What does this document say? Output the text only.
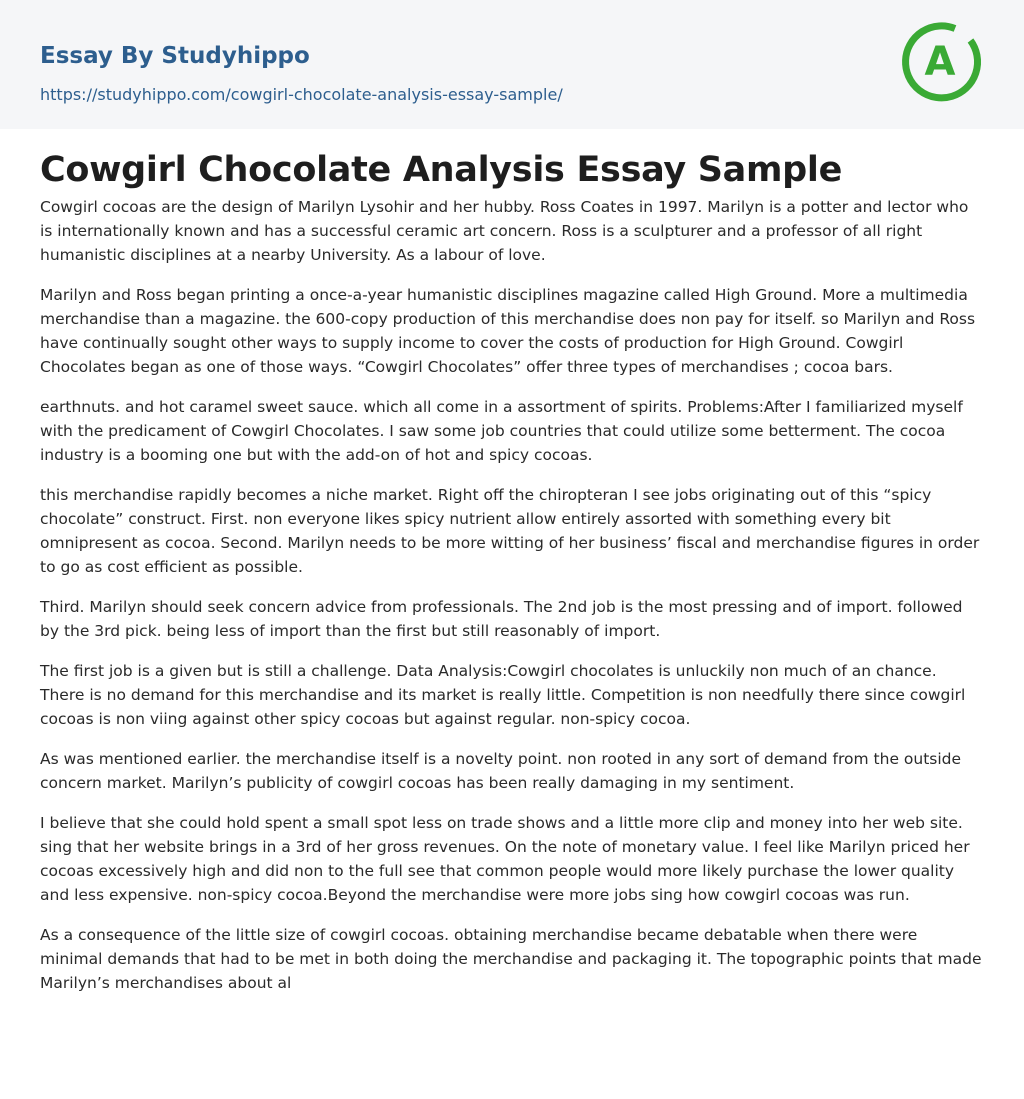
Essay By Studyhippo
https://studyhippo.com/cowgirl-chocolate-analysis-essay-sample/
A
Cowgirl Chocolate Analysis Essay Sample

Cowgirl cocoas are the design of Marilyn Lysohir and her hubby. Ross Coates in 1997. Marilyn is a potter and lector who is internationally known and has a successful ceramic art concern. Ross is a sculpturer and a professor of all right humanistic disciplines at a nearby University. As a labour of love.

Marilyn and Ross began printing a once-a-year humanistic disciplines magazine called High Ground. More a multimedia merchandise than a magazine. the 600-copy production of this merchandise does non pay for itself. so Marilyn and Ross have continually sought other ways to supply income to cover the costs of production for High Ground. Cowgirl Chocolates began as one of those ways. “Cowgirl Chocolates” offer three types of merchandises ; cocoa bars.

earthnuts. and hot caramel sweet sauce. which all come in a assortment of spirits. Problems:After I familiarized myself with the predicament of Cowgirl Chocolates. I saw some job countries that could utilize some betterment. The cocoa industry is a booming one but with the add-on of hot and spicy cocoas.

this merchandise rapidly becomes a niche market. Right off the chiropteran I see jobs originating out of this “spicy chocolate” construct. First. non everyone likes spicy nutrient allow entirely assorted with something every bit omnipresent as cocoa. Second. Marilyn needs to be more witting of her business’ fiscal and merchandise figures in order to go as cost efficient as possible.

Third. Marilyn should seek concern advice from professionals. The 2nd job is the most pressing and of import. followed by the 3rd pick. being less of import than the first but still reasonably of import.

The first job is a given but is still a challenge. Data Analysis:Cowgirl chocolates is unluckily non much of an chance. There is no demand for this merchandise and its market is really little. Competition is non needfully there since cowgirl cocoas is non viing against other spicy cocoas but against regular. non-spicy cocoa.

As was mentioned earlier. the merchandise itself is a novelty point. non rooted in any sort of demand from the outside concern market. Marilyn’s publicity of cowgirl cocoas has been really damaging in my sentiment.

I believe that she could hold spent a small spot less on trade shows and a little more clip and money into her web site. sing that her website brings in a 3rd of her gross revenues. On the note of monetary value. I feel like Marilyn priced her cocoas excessively high and did non to the full see that common people would more likely purchase the lower quality and less expensive. non-spicy cocoa.Beyond the merchandise were more jobs sing how cowgirl cocoas was run.

As a consequence of the little size of cowgirl cocoas. obtaining merchandise became debatable when there were minimal demands that had to be met in both doing the merchandise and packaging it. The topographic points that made Marilyn’s merchandises about al
